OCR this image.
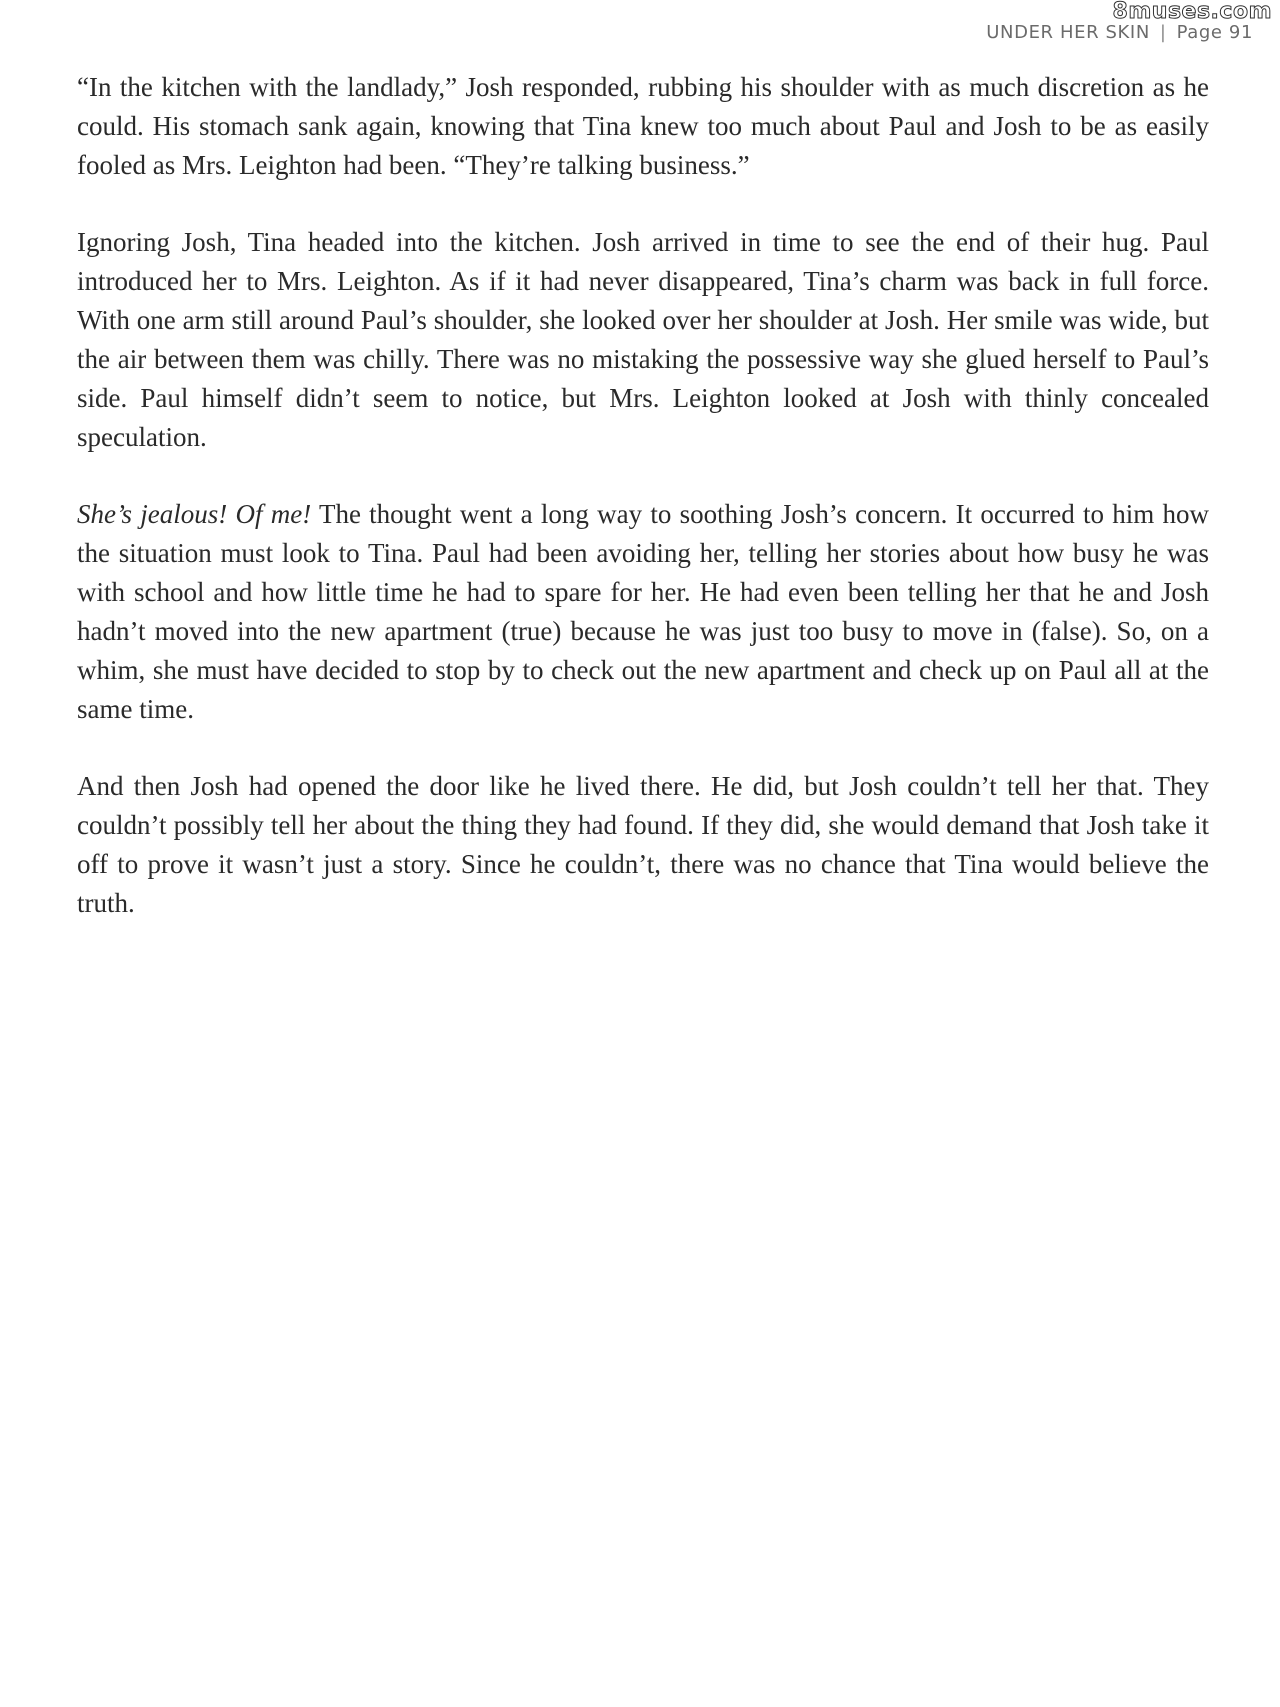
8muses.com
UNDER HER SKIN | Page 91

“In the kitchen with the landlady,” Josh responded, rubbing his shoulder with as much discretion as he could. His stomach sank again, knowing that Tina knew too much about Paul and Josh to be as easily fooled as Mrs. Leighton had been. “They’re talking business.”

Ignoring Josh, Tina headed into the kitchen. Josh arrived in time to see the end of their hug. Paul introduced her to Mrs. Leighton. As if it had never disappeared, Tina’s charm was back in full force. With one arm still around Paul’s shoulder, she looked over her shoulder at Josh. Her smile was wide, but the air between them was chilly. There was no mistaking the possessive way she glued herself to Paul’s side. Paul himself didn’t seem to notice, but Mrs. Leighton looked at Josh with thinly concealed speculation.

She’s jealous! Of me! The thought went a long way to soothing Josh’s concern. It occurred to him how the situation must look to Tina. Paul had been avoiding her, telling her stories about how busy he was with school and how little time he had to spare for her. He had even been telling her that he and Josh hadn’t moved into the new apartment (true) because he was just too busy to move in (false). So, on a whim, she must have decided to stop by to check out the new apartment and check up on Paul all at the same time.

And then Josh had opened the door like he lived there. He did, but Josh couldn’t tell her that. They couldn’t possibly tell her about the thing they had found. If they did, she would demand that Josh take it off to prove it wasn’t just a story. Since he couldn’t, there was no chance that Tina would believe the truth.
